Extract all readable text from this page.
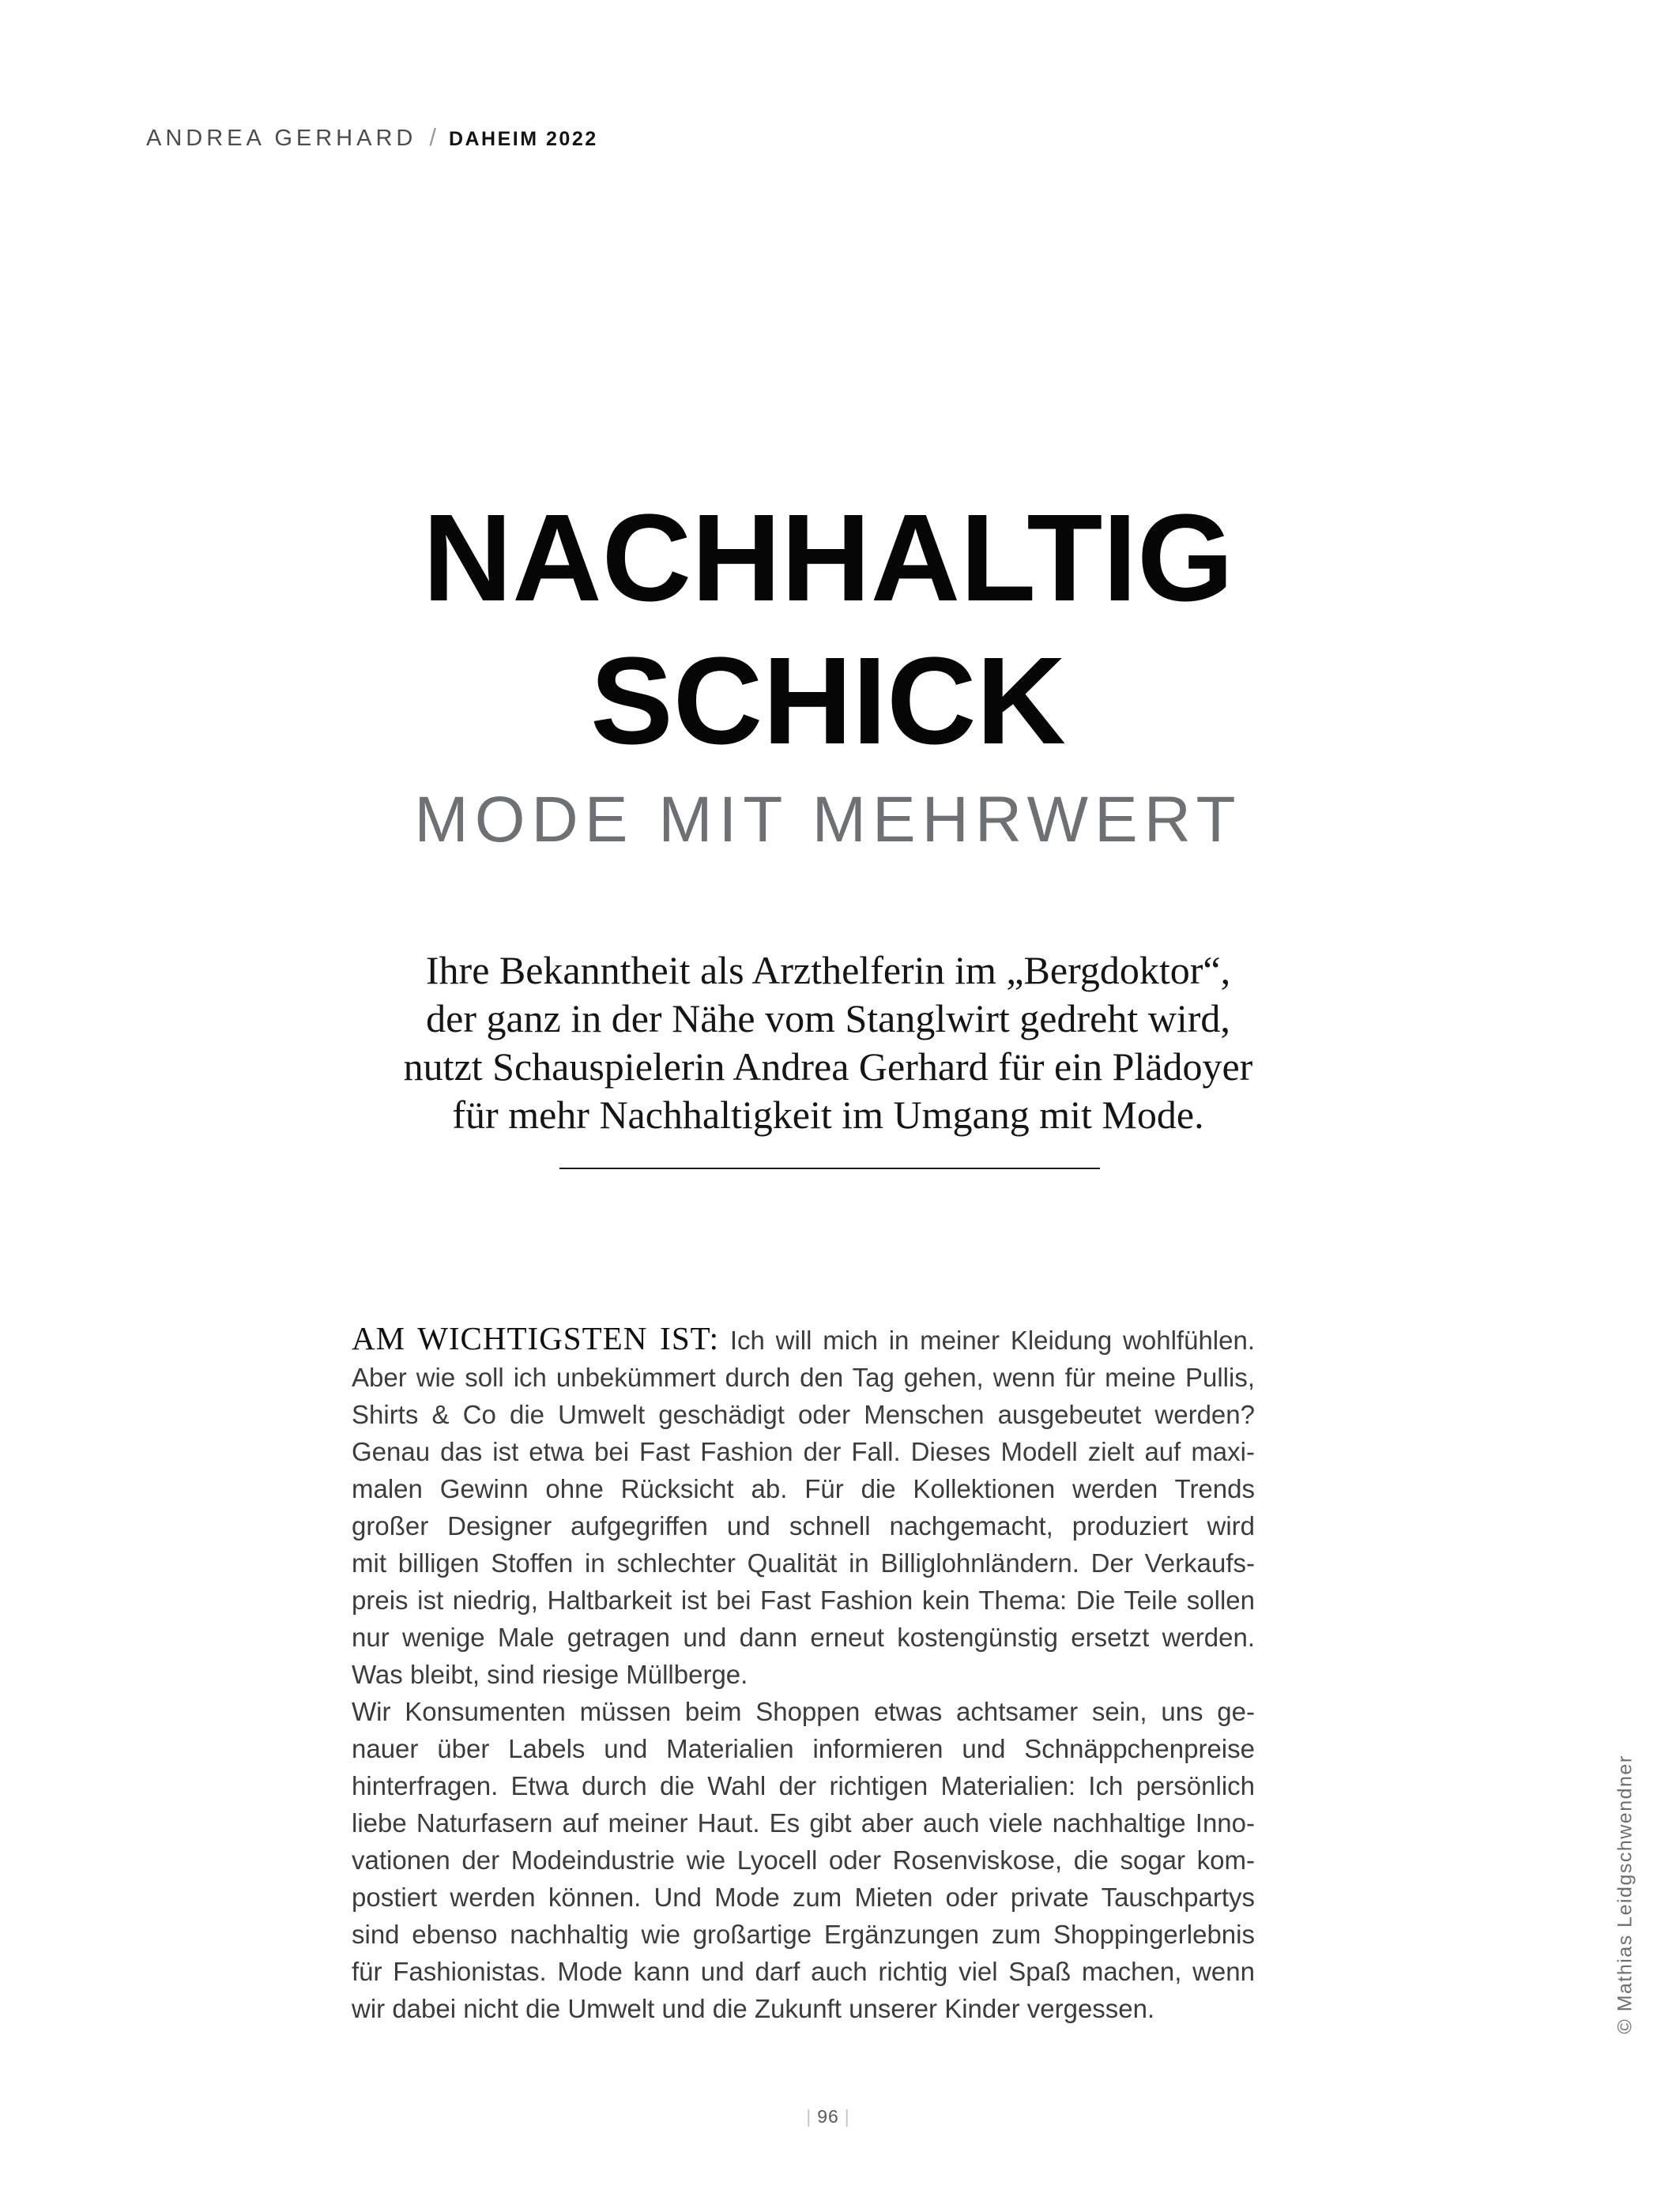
ANDREA GERHARD / DAHEIM 2022
NACHHALTIG
SCHICK
MODE MIT MEHRWERT
Ihre Bekanntheit als Arzthelferin im „Bergdoktor“,
der ganz in der Nähe vom Stanglwirt gedreht wird,
nutzt Schauspielerin Andrea Gerhard für ein Plädoyer
für mehr Nachhaltigkeit im Umgang mit Mode.
AM WICHTIGSTEN IST: Ich will mich in meiner Kleidung wohlfühlen.
Aber wie soll ich unbekümmert durch den Tag gehen, wenn für meine Pullis,
Shirts & Co die Umwelt geschädigt oder Menschen ausgebeutet werden?
Genau das ist etwa bei Fast Fashion der Fall. Dieses Modell zielt auf maxi-
malen Gewinn ohne Rücksicht ab. Für die Kollektionen werden Trends
großer Designer aufgegriffen und schnell nachgemacht, produziert wird
mit billigen Stoffen in schlechter Qualität in Billiglohnländern. Der Verkaufs-
preis ist niedrig, Haltbarkeit ist bei Fast Fashion kein Thema: Die Teile sollen
nur wenige Male getragen und dann erneut kostengünstig ersetzt werden.
Was bleibt, sind riesige Müllberge.
Wir Konsumenten müssen beim Shoppen etwas achtsamer sein, uns ge-
nauer über Labels und Materialien informieren und Schnäppchenpreise
hinterfragen. Etwa durch die Wahl der richtigen Materialien: Ich persönlich
liebe Naturfasern auf meiner Haut. Es gibt aber auch viele nachhaltige Inno-
vationen der Modeindustrie wie Lyocell oder Rosenviskose, die sogar kom-
postiert werden können. Und Mode zum Mieten oder private Tauschpartys
sind ebenso nachhaltig wie großartige Ergänzungen zum Shoppingerlebnis
für Fashionistas. Mode kann und darf auch richtig viel Spaß machen, wenn
wir dabei nicht die Umwelt und die Zukunft unserer Kinder vergessen.	© Mathias Leidgschwendner
| 96 |
